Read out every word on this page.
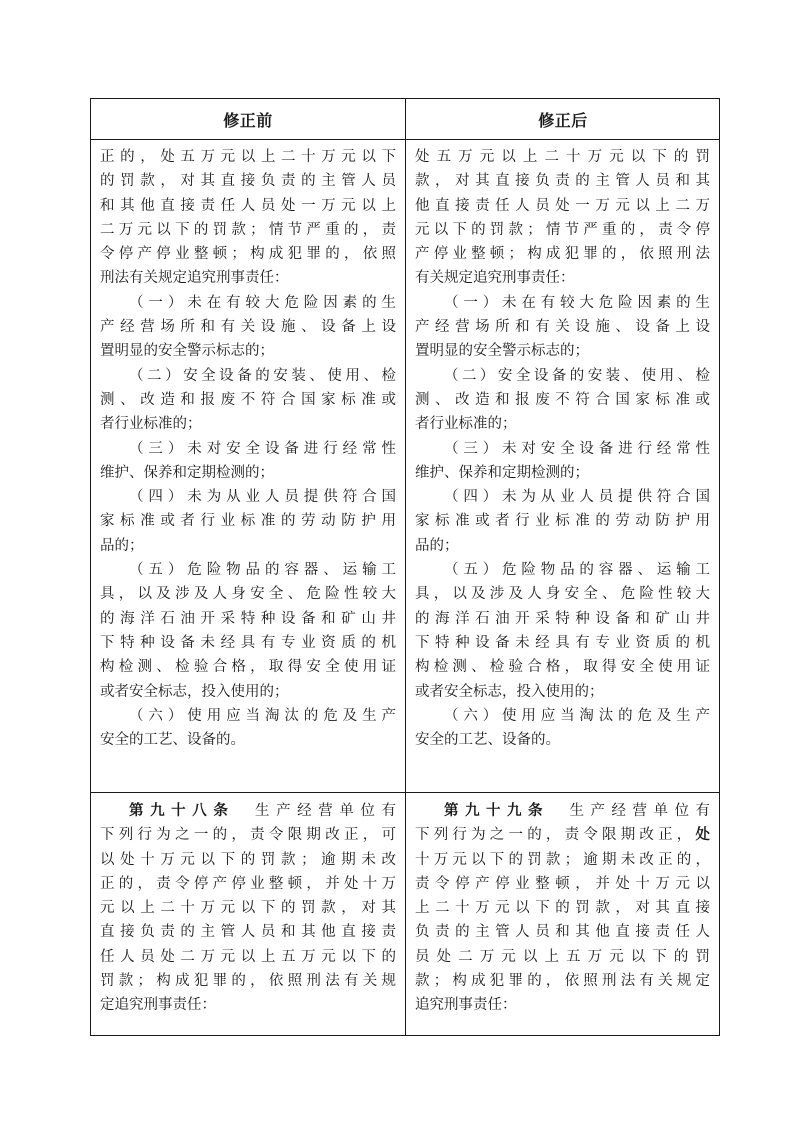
修正前	修正后
正的，处五万元以上二十万元以下
的罚款，对其直接负责的主管人员
和其他直接责任人员处一万元以上
二万元以下的罚款；情节严重的，责
令停产停业整顿；构成犯罪的，依照
刑法有关规定追究刑事责任：
（一）未在有较大危险因素的生
产经营场所和有关设施、设备上设
置明显的安全警示标志的；
（二）安全设备的安装、使用、检
测、改造和报废不符合国家标准或
者行业标准的；
（三）未对安全设备进行经常性
维护、保养和定期检测的；
（四）未为从业人员提供符合国
家标准或者行业标准的劳动防护用
品的；
（五）危险物品的容器、运输工
具，以及涉及人身安全、危险性较大
的海洋石油开采特种设备和矿山井
下特种设备未经具有专业资质的机
构检测、检验合格，取得安全使用证
或者安全标志，投入使用的；
（六）使用应当淘汰的危及生产
安全的工艺、设备的。
处五万元以上二十万元以下的罚
款，对其直接负责的主管人员和其
他直接责任人员处一万元以上二万
元以下的罚款；情节严重的，责令停
产停业整顿；构成犯罪的，依照刑法
有关规定追究刑事责任：
（一）未在有较大危险因素的生
产经营场所和有关设施、设备上设
置明显的安全警示标志的；
（二）安全设备的安装、使用、检
测、改造和报废不符合国家标准或
者行业标准的；
（三）未对安全设备进行经常性
维护、保养和定期检测的；
（四）未为从业人员提供符合国
家标准或者行业标准的劳动防护用
品的；
（五）危险物品的容器、运输工
具，以及涉及人身安全、危险性较大
的海洋石油开采特种设备和矿山井
下特种设备未经具有专业资质的机
构检测、检验合格，取得安全使用证
或者安全标志，投入使用的；
（六）使用应当淘汰的危及生产
安全的工艺、设备的。
第九十八条 生产经营单位有
下列行为之一的，责令限期改正，可
以处十万元以下的罚款；逾期未改
正的，责令停产停业整顿，并处十万
元以上二十万元以下的罚款，对其
直接负责的主管人员和其他直接责
任人员处二万元以上五万元以下的
罚款；构成犯罪的，依照刑法有关规
定追究刑事责任：
第九十九条 生产经营单位有
下列行为之一的，责令限期改正，处
十万元以下的罚款；逾期未改正的，
责令停产停业整顿，并处十万元以
上二十万元以下的罚款，对其直接
负责的主管人员和其他直接责任人
员处二万元以上五万元以下的罚
款；构成犯罪的，依照刑法有关规定
追究刑事责任：
